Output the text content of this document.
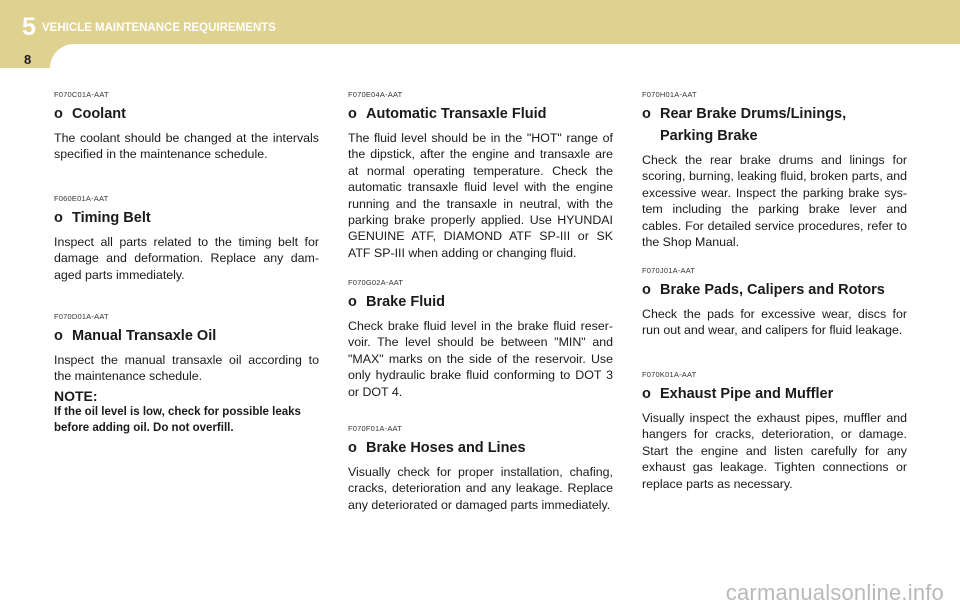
5 VEHICLE MAINTENANCE REQUIREMENTS
8
F070C01A-AAT
o Coolant
The coolant should be changed at the intervals specified in the maintenance schedule.
F060E01A-AAT
o Timing Belt
Inspect all parts related to the timing belt for damage and deformation. Replace any dam-aged parts immediately.
F070D01A-AAT
o Manual Transaxle Oil
Inspect the manual transaxle oil according to the maintenance schedule.
NOTE:
If the oil level is low, check for possible leaks before adding oil. Do not overfill.
F070E04A-AAT
o Automatic Transaxle Fluid
The fluid level should be in the "HOT" range of the dipstick, after the engine and transaxle are at normal operating temperature. Check the automatic transaxle fluid level with the engine running and the transaxle in neutral, with the parking brake properly applied. Use HYUNDAI GENUINE ATF, DIAMOND ATF SP-III or SK ATF SP-III when adding or changing fluid.
F070G02A-AAT
o Brake Fluid
Check brake fluid level in the brake fluid reser-voir. The level should be between "MIN" and "MAX" marks on the side of the reservoir. Use only hydraulic brake fluid conforming to DOT 3 or DOT 4.
F070F01A-AAT
o Brake Hoses and Lines
Visually check for proper installation, chafing, cracks, deterioration and any leakage. Replace any deteriorated or damaged parts immediately.
F070H01A-AAT
o Rear Brake Drums/Linings,
Parking Brake
Check the rear brake drums and linings for scoring, burning, leaking fluid, broken parts, and excessive wear. Inspect the parking brake sys-tem including the parking brake lever and cables. For detailed service procedures, refer to the Shop Manual.
F070J01A-AAT
o Brake Pads, Calipers and Rotors
Check the pads for excessive wear, discs for run out and wear, and calipers for fluid leakage.
F070K01A-AAT
o Exhaust Pipe and Muffler
Visually inspect the exhaust pipes, muffler and hangers for cracks, deterioration, or damage. Start the engine and listen carefully for any exhaust gas leakage. Tighten connections or replace parts as necessary.
carmanualsonline.info
